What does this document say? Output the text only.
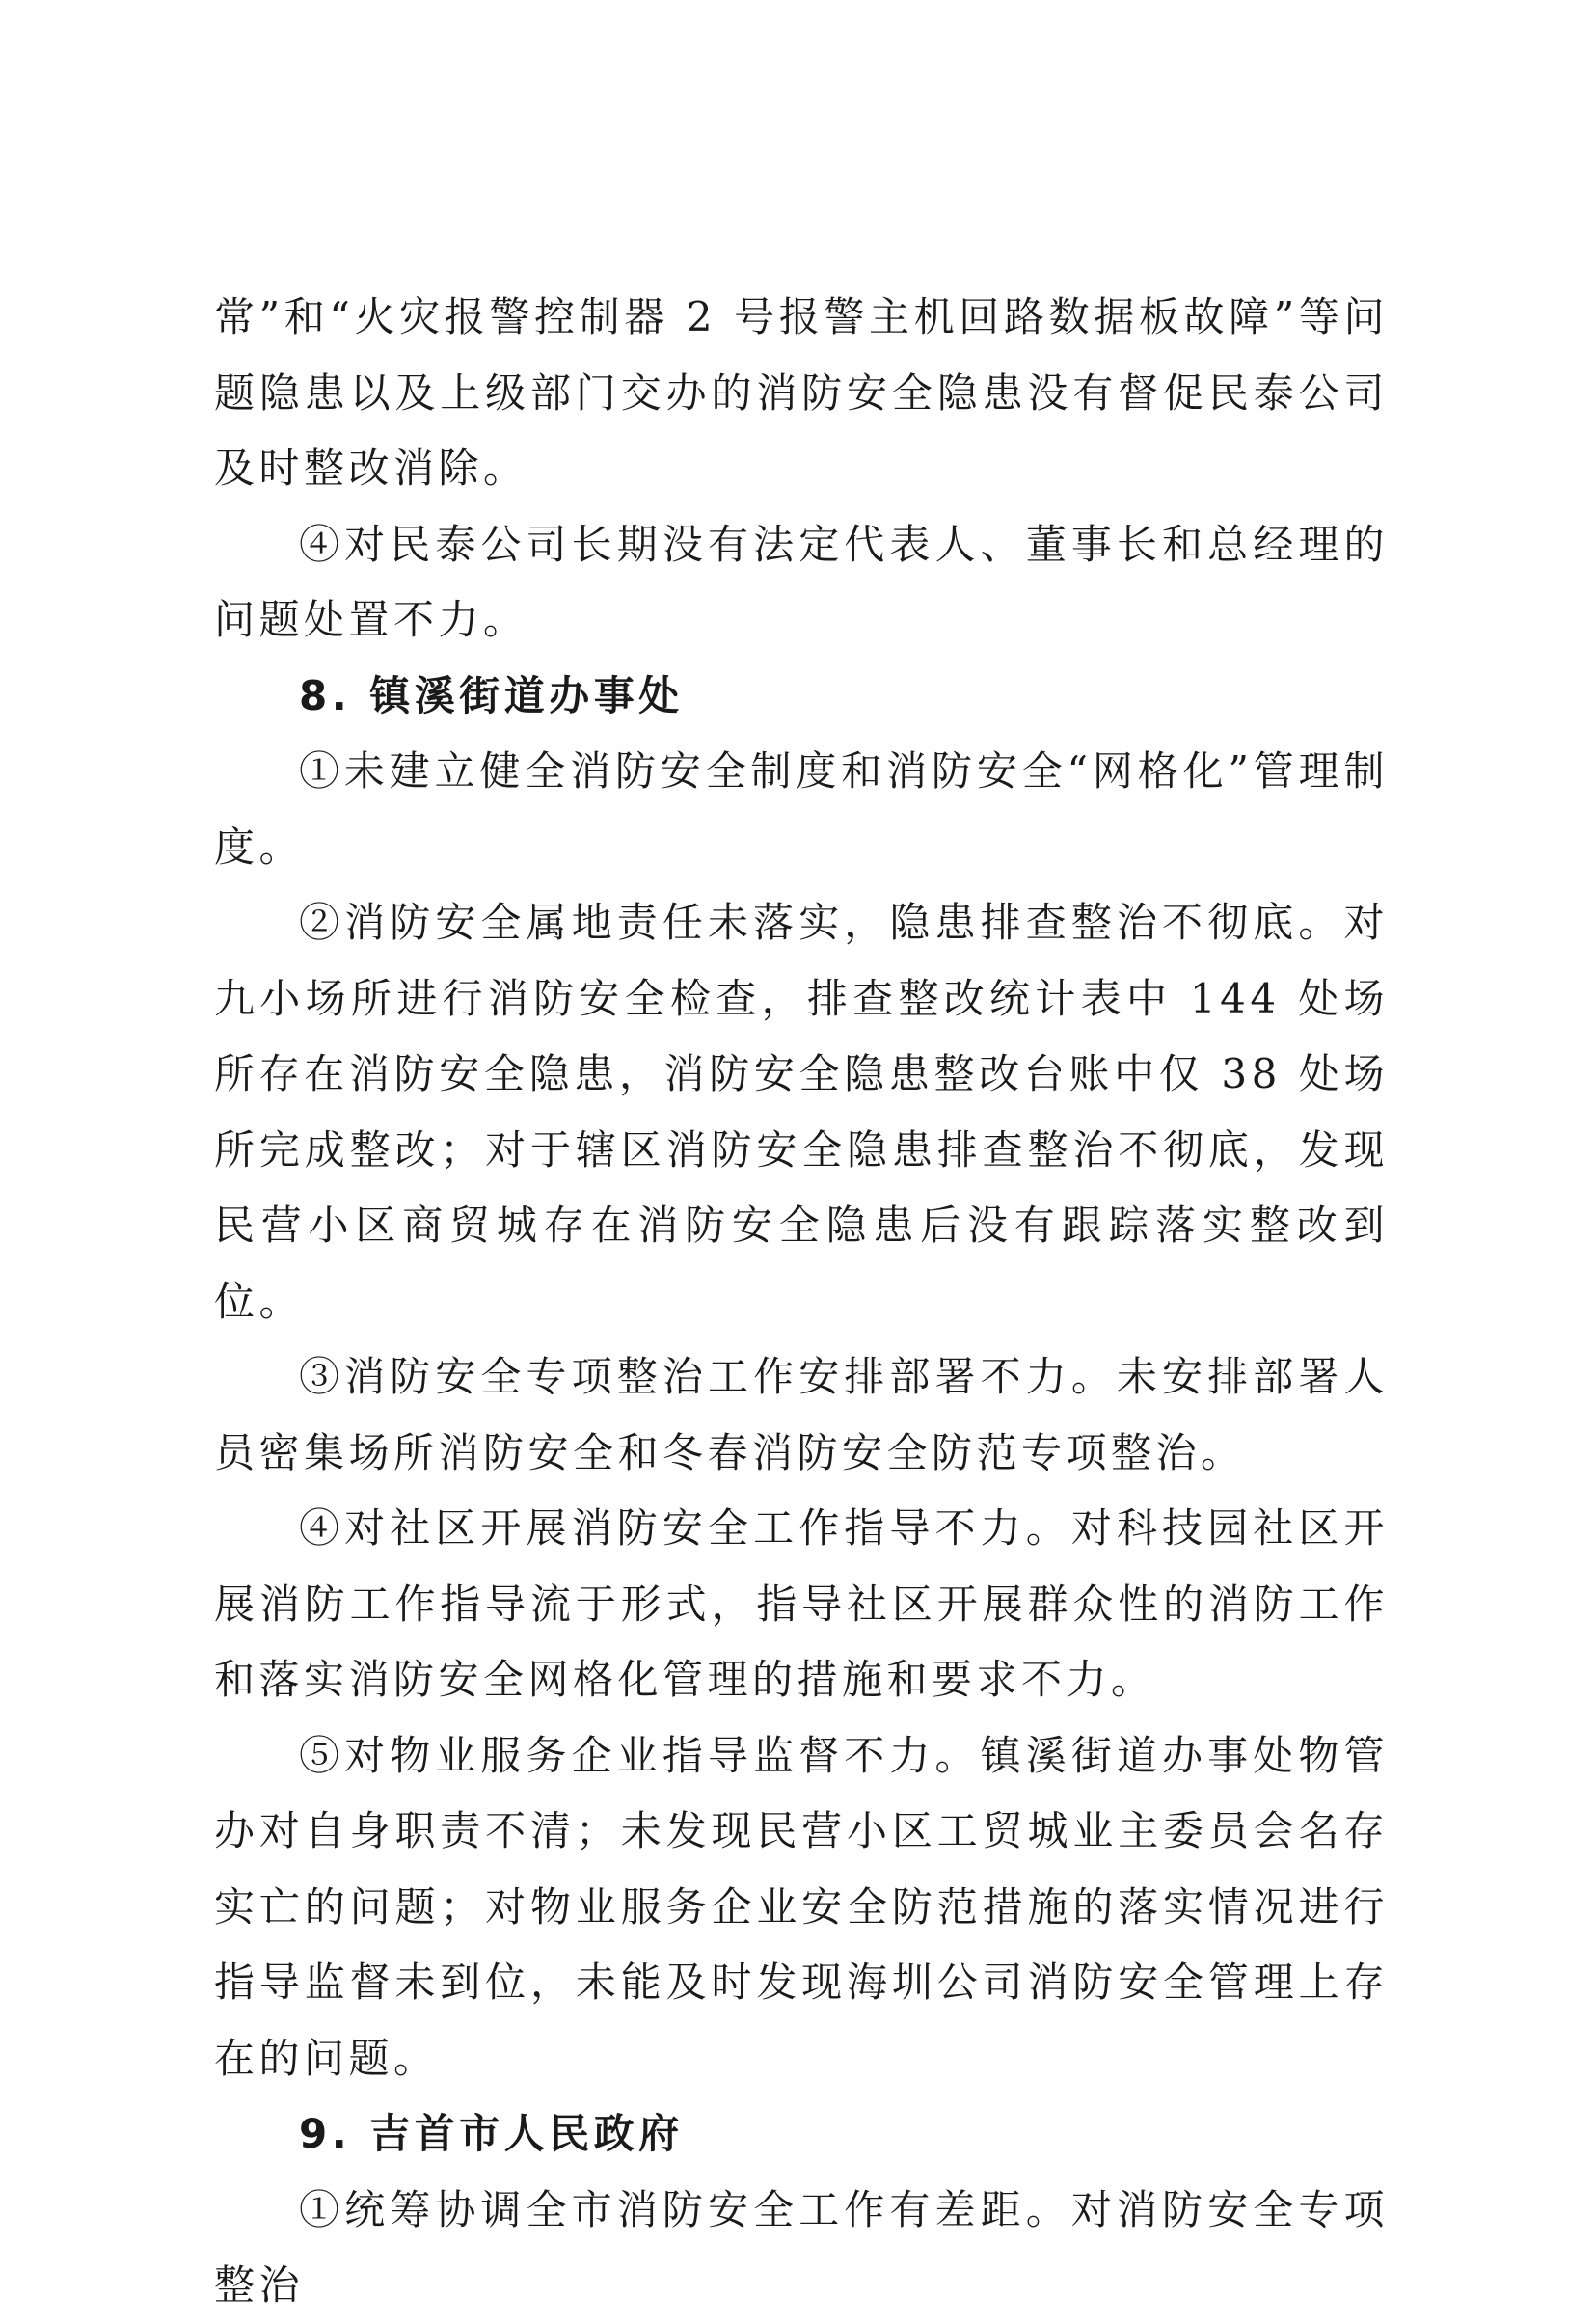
常”和“火灾报警控制器 2 号报警主机回路数据板故障”等问题隐患以及上级部门交办的消防安全隐患没有督促民泰公司及时整改消除。

④对民泰公司长期没有法定代表人、董事长和总经理的问题处置不力。

8. 镇溪街道办事处

①未建立健全消防安全制度和消防安全“网格化”管理制度。

②消防安全属地责任未落实，隐患排查整治不彻底。对九小场所进行消防安全检查，排查整改统计表中 144 处场所存在消防安全隐患，消防安全隐患整改台账中仅 38 处场所完成整改；对于辖区消防安全隐患排查整治不彻底，发现民营小区商贸城存在消防安全隐患后没有跟踪落实整改到位。

③消防安全专项整治工作安排部署不力。未安排部署人员密集场所消防安全和冬春消防安全防范专项整治。

④对社区开展消防安全工作指导不力。对科技园社区开展消防工作指导流于形式，指导社区开展群众性的消防工作和落实消防安全网格化管理的措施和要求不力。

⑤对物业服务企业指导监督不力。镇溪街道办事处物管办对自身职责不清；未发现民营小区工贸城业主委员会名存实亡的问题；对物业服务企业安全防范措施的落实情况进行指导监督未到位，未能及时发现海圳公司消防安全管理上存在的问题。

9. 吉首市人民政府

①统筹协调全市消防安全工作有差距。对消防安全专项整治
